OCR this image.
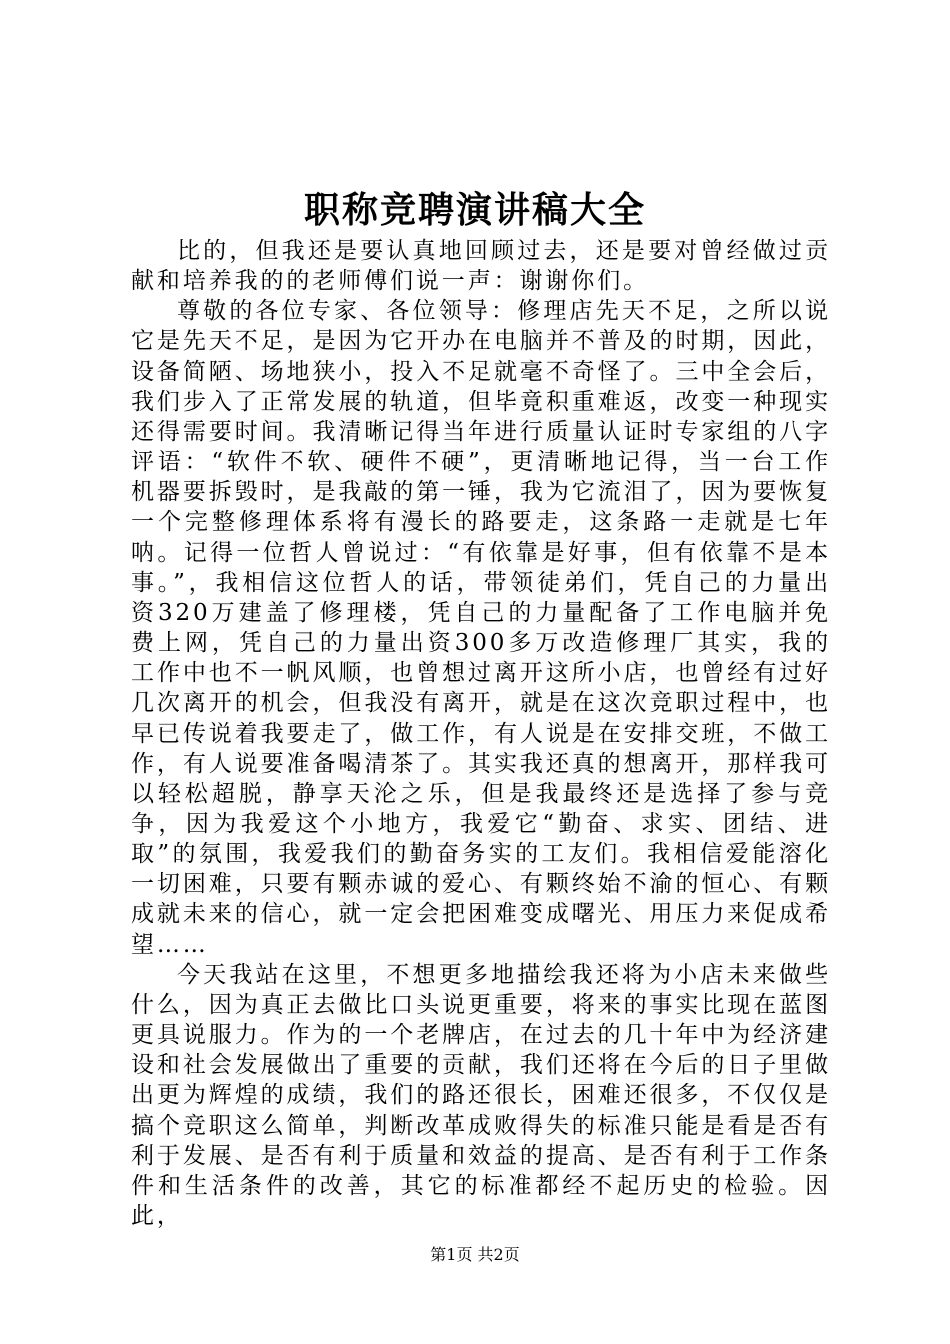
职称竞聘演讲稿大全

比的，但我还是要认真地回顾过去，还是要对曾经做过贡献和培养我的的老师傅们说一声：谢谢你们。

尊敬的各位专家、各位领导：修理店先天不足，之所以说它是先天不足，是因为它开办在电脑并不普及的时期，因此，设备简陋、场地狭小，投入不足就毫不奇怪了。三中全会后，我们步入了正常发展的轨道，但毕竟积重难返，改变一种现实还得需要时间。我清晰记得当年进行质量认证时专家组的八字评语：“软件不软、硬件不硬”，更清晰地记得，当一台工作机器要拆毁时，是我敲的第一锤，我为它流泪了，因为要恢复一个完整修理体系将有漫长的路要走，这条路一走就是七年呐。记得一位哲人曾说过：“有依靠是好事，但有依靠不是本事。”，我相信这位哲人的话，带领徒弟们，凭自己的力量出资320万建盖了修理楼，凭自己的力量配备了工作电脑并免费上网，凭自己的力量出资300多万改造修理厂其实，我的工作中也不一帆风顺，也曾想过离开这所小店，也曾经有过好几次离开的机会，但我没有离开，就是在这次竞职过程中，也早已传说着我要走了，做工作，有人说是在安排交班，不做工作，有人说要准备喝清茶了。其实我还真的想离开，那样我可以轻松超脱，静享天沦之乐，但是我最终还是选择了参与竞争，因为我爱这个小地方，我爱它“勤奋、求实、团结、进取”的氛围，我爱我们的勤奋务实的工友们。我相信爱能溶化一切困难，只要有颗赤诚的爱心、有颗终始不渝的恒心、有颗成就未来的信心，就一定会把困难变成曙光、用压力来促成希望……

今天我站在这里，不想更多地描绘我还将为小店未来做些什么，因为真正去做比口头说更重要，将来的事实比现在蓝图更具说服力。作为的一个老牌店，在过去的几十年中为经济建设和社会发展做出了重要的贡献，我们还将在今后的日子里做出更为辉煌的成绩，我们的路还很长，困难还很多，不仅仅是搞个竞职这么简单，判断改革成败得失的标准只能是看是否有利于发展、是否有利于质量和效益的提高、是否有利于工作条件和生活条件的改善，其它的标准都经不起历史的检验。因此，

第1页 共2页
